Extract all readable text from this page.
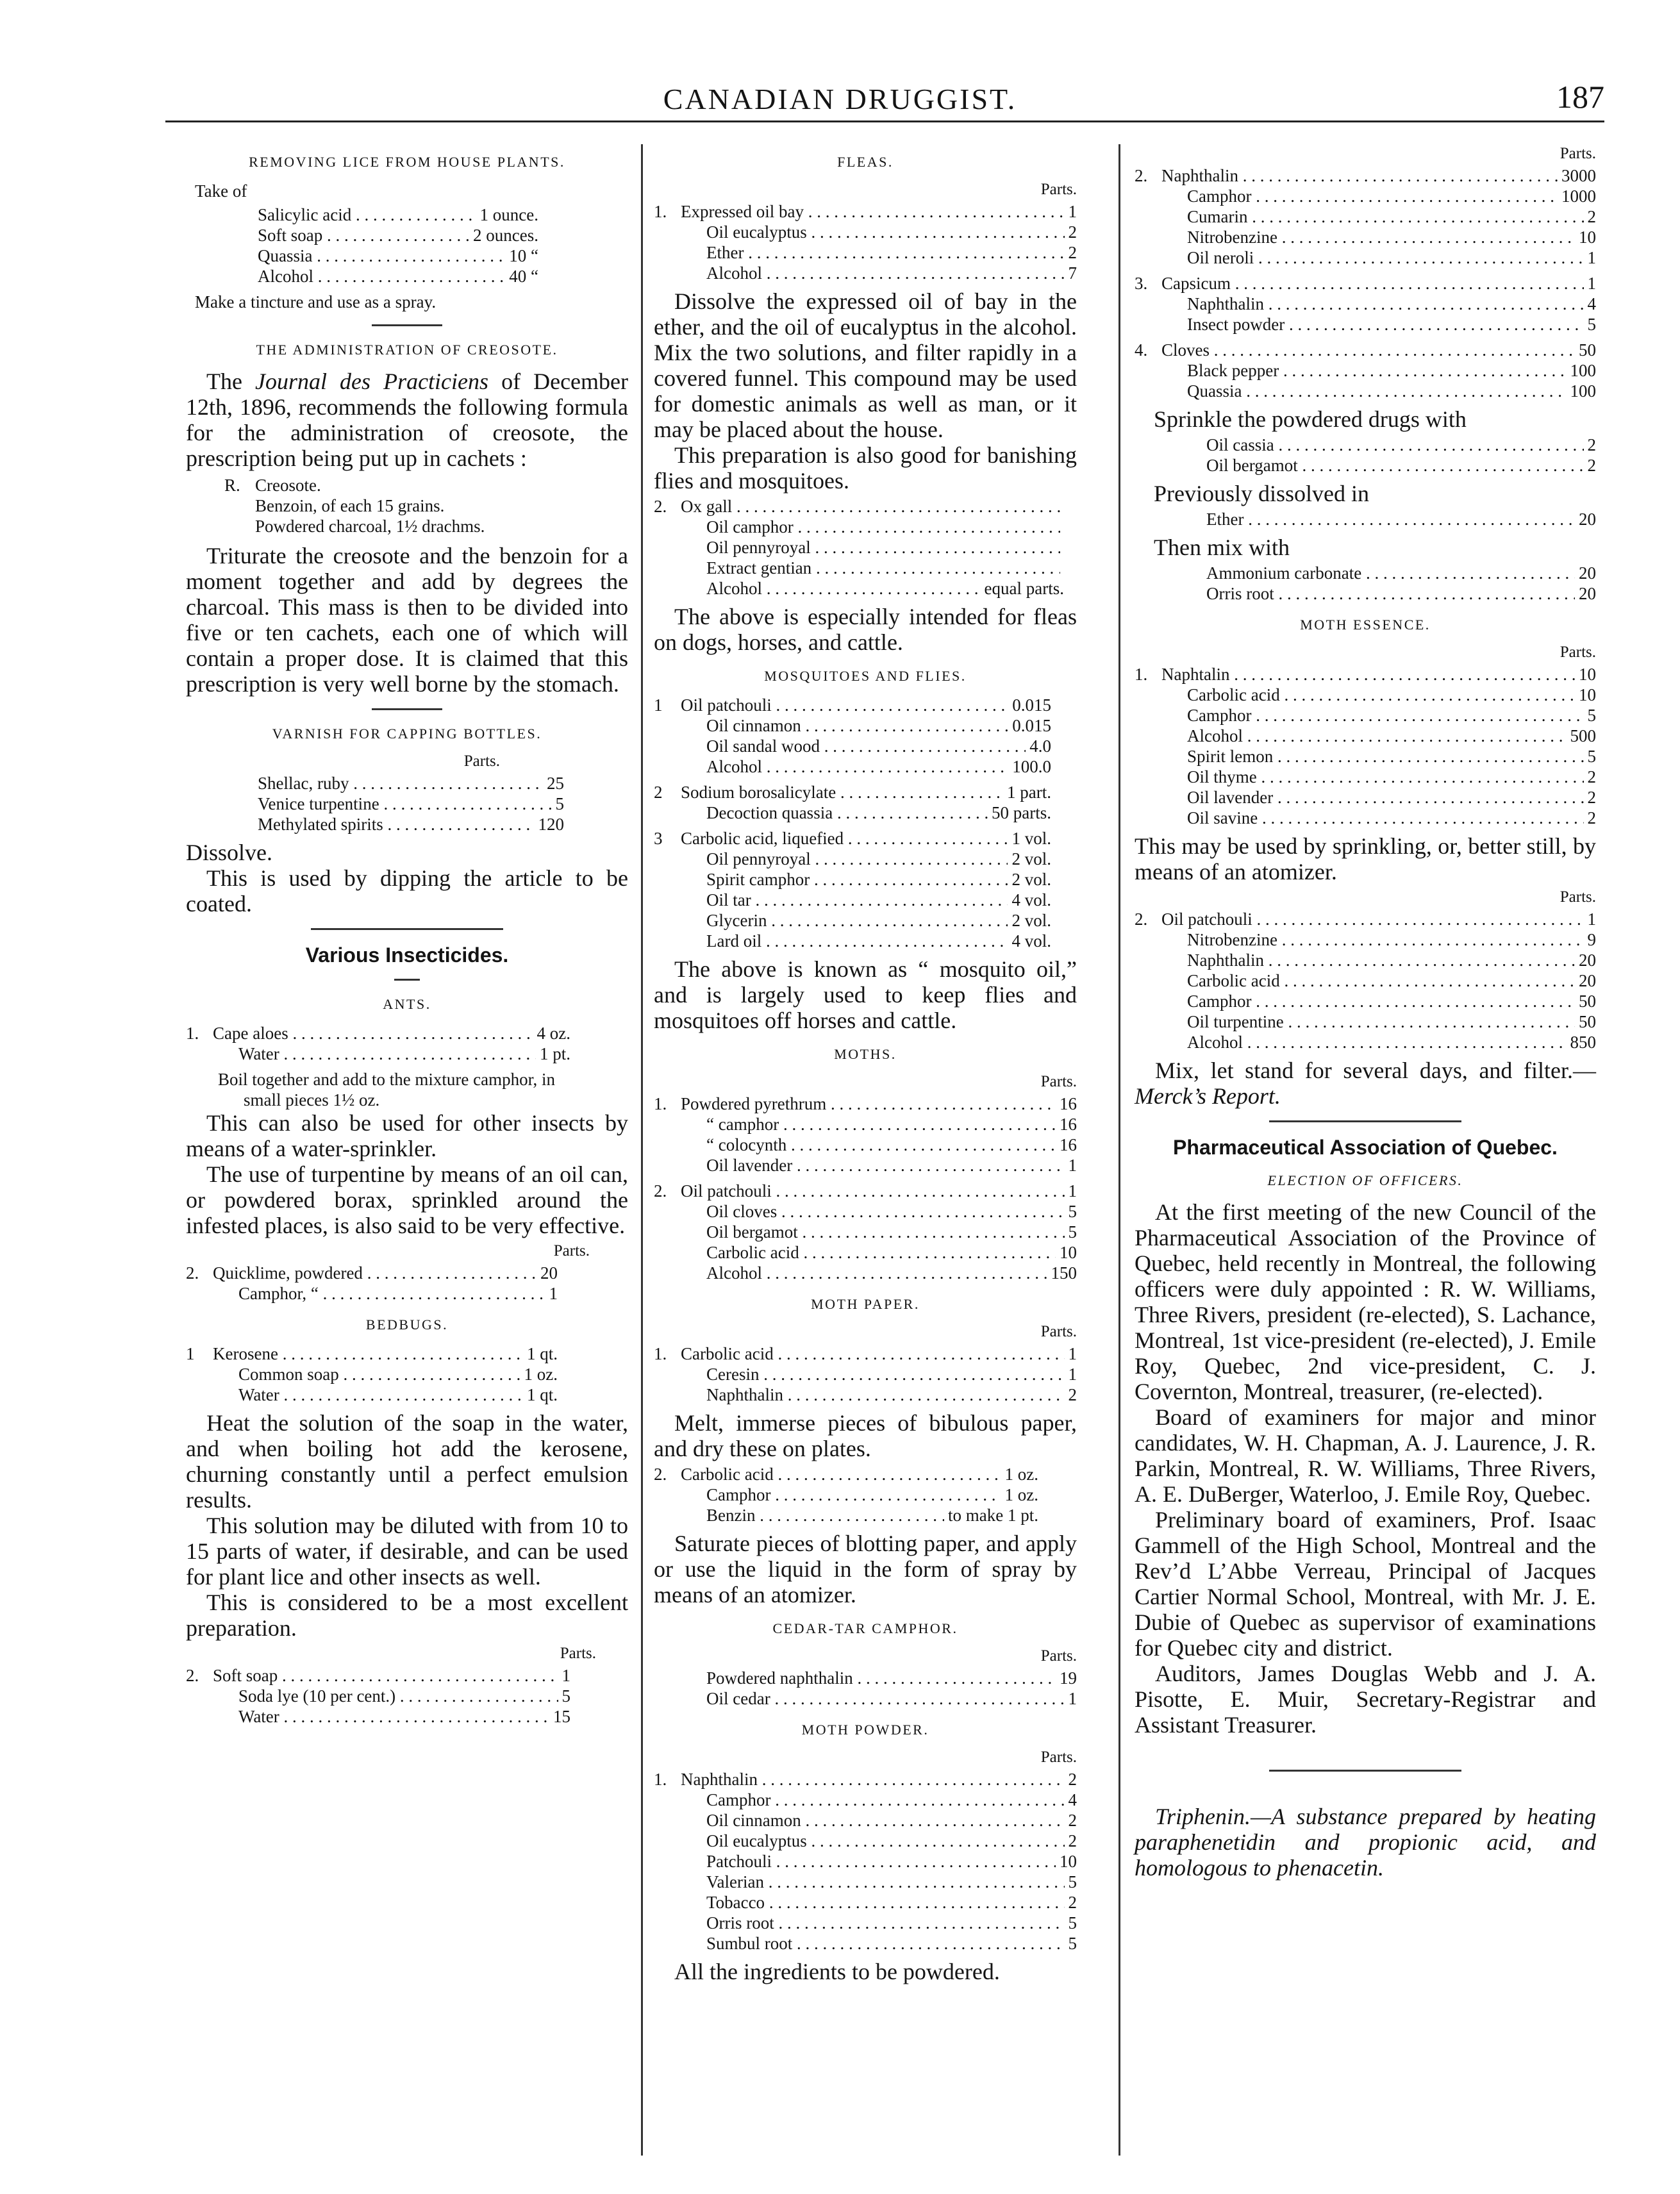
CANADIAN DRUGGIST.	187
REMOVING LICE FROM HOUSE PLANTS.
Take of
Salicylic acid . . .	1 ounce.
Soft soap . . .	2 ounces.
Quassia . . .	10 “
Alcohol . . .	40 “
Make a tincture and use as a spray.
THE ADMINISTRATION OF CREOSOTE.

The Journal des Practiciens of December 12th, 1896, recommends the following formula for the administration of creosote, the prescription being put up in cachets :

R. Creosote.
Benzoin, of each 15 grains.
Powdered charcoal, 1½ drachms.

Triturate the creosote and the benzoin for a moment together and add by degrees the charcoal. This mass is then to be divided into five or ten cachets, each one of which will contain a proper dose. It is claimed that this prescription is very well borne by the stomach.

VARNISH FOR CAPPING BOTTLES.
Parts.
Shellac, ruby . . .	25
Venice turpentine . . .	5
Methylated spirits . . .	120

Dissolve.

This is used by dipping the article to be coated.

Various Insecticides.
ANTS.
1. Cape aloes . . .	4 oz.
Water . . .	1 pt.
Boil together and add to the mixture camphor, in small pieces 1½ oz.

This can also be used for other insects by means of a water-sprinkler.

The use of turpentine by means of an oil can, or powdered borax, sprinkled around the infested places, is also said to be very effective.

Parts.
2. Quicklime, powdered . . .	20
Camphor, “ . . .	1
BEDBUGS.
1	Kerosene . . .	1 qt.
Common soap . . .	1 oz.
Water . . .	1 qt.

Heat the solution of the soap in the water, and when boiling hot add the kerosene, churning constantly until a perfect emulsion results.

This solution may be diluted with from 10 to 15 parts of water, if desirable, and can be used for plant lice and other insects as well.

This is considered to be a most excellent preparation.

Parts.
2. Soft soap . . .	1
Soda lye (10 per cent.) . . .	5
Water . . .	15
FLEAS.
Parts.
1. Expressed oil bay . . .	1
Oil eucalyptus . . .	2
Ether . . .	2
Alcohol . . .	7

Dissolve the expressed oil of bay in the ether, and the oil of eucalyptus in the alcohol. Mix the two solutions, and filter rapidly in a covered funnel. This compound may be used for domestic animals as well as man, or it may be placed about the house.

This preparation is also good for banishing flies and mosquitoes.

2. Ox gall . . .
Oil camphor . . .
Oil pennyroyal . . .
Extract gentian . . .
Alcohol . . .	equal parts.

The above is especially intended for fleas on dogs, horses, and cattle.

MOSQUITOES AND FLIES.
1	Oil patchouli . . .	0.015
Oil cinnamon . . .	0.015
Oil sandal wood . . .	4.0
Alcohol . . .	100.0
2	Sodium borosalicylate . . .	1 part.
Decoction quassia . . .	50 parts.
3	Carbolic acid, liquefied . . .	1 vol.
Oil pennyroyal . . .	2 vol.
Spirit camphor . . .	2 vol.
Oil tar . . .	4 vol.
Glycerin . . .	2 vol.
Lard oil . . .	4 vol.

The above is known as “ mosquito oil,” and is largely used to keep flies and mosquitoes off horses and cattle.

MOTHS.
Parts.
1. Powdered pyrethrum . . .	16
“ camphor . . .	16
“ colocynth . . .	16
Oil lavender . . .	1
2. Oil patchouli . . .	1
Oil cloves . . .	5
Oil bergamot . . .	5
Carbolic acid . . .	10
Alcohol . . .	150
MOTH PAPER.
Parts.
1. Carbolic acid . . .	1
Ceresin . . .	1
Naphthalin . . .	2

Melt, immerse pieces of bibulous paper, and dry these on plates.

2. Carbolic acid . . .	1 oz.
Camphor . . .	1 oz.
Benzin . . .	to make 1 pt.

Saturate pieces of blotting paper, and apply or use the liquid in the form of spray by means of an atomizer.

CEDAR-TAR CAMPHOR.
Parts.
Powdered naphthalin . . .	19
Oil cedar . . .	1
MOTH POWDER.
Parts.
1. Naphthalin . . .	2
Camphor . . .	4
Oil cinnamon . . .	2
Oil eucalyptus . . .	2
Patchouli . . .	10
Valerian . . .	5
Tobacco . . .	2
Orris root . . .	5
Sumbul root . . .	5

All the ingredients to be powdered.

Parts.
2. Naphthalin . . .	3000
Camphor . . .	1000
Cumarin . . .	2
Nitrobenzine . . .	10
Oil neroli . . .	1
3. Capsicum . . .	1
Naphthalin . . .	4
Insect powder . . .	5
4. Cloves . . .	50
Black pepper . . .	100
Quassia . . .	100

Sprinkle the powdered drugs with

Oil cassia . . .	2
Oil bergamot . . .	2

Previously dissolved in

Ether . . .	20

Then mix with

Ammonium carbonate . . .	20
Orris root . . .	20
MOTH ESSENCE.
Parts.
1. Naphtalin . . .	10
Carbolic acid . . .	10
Camphor . . .	5
Alcohol . . .	500
Spirit lemon . . .	5
Oil thyme . . .	2
Oil lavender . . .	2
Oil savine . . .	2

This may be used by sprinkling, or, better still, by means of an atomizer.

Parts.
2. Oil patchouli . . .	1
Nitrobenzine . . .	9
Naphthalin . . .	20
Carbolic acid . . .	20
Camphor . . .	50
Oil turpentine . . .	50
Alcohol . . .	850

Mix, let stand for several days, and filter.—Merck’s Report.

Pharmaceutical Association of Quebec.
ELECTION OF OFFICERS.

At the first meeting of the new Council of the Pharmaceutical Association of the Province of Quebec, held recently in Montreal, the following officers were duly appointed : R. W. Williams, Three Rivers, president (re-elected), S. Lachance, Montreal, 1st vice-president (re-elected), J. Emile Roy, Quebec, 2nd vice-president, C. J. Covernton, Montreal, treasurer, (re-elected).

Board of examiners for major and minor candidates, W. H. Chapman, A. J. Laurence, J. R. Parkin, Montreal, R. W. Williams, Three Rivers, A. E. DuBerger, Waterloo, J. Emile Roy, Quebec.

Preliminary board of examiners, Prof. Isaac Gammell of the High School, Montreal and the Rev’d L’Abbe Verreau, Principal of Jacques Cartier Normal School, Montreal, with Mr. J. E. Dubie of Quebec as supervisor of examinations for Quebec city and district.

Auditors, James Douglas Webb and J. A. Pisotte, E. Muir, Secretary-Registrar and Assistant Treasurer.

Triphenin.—A substance prepared by heating paraphenetidin and propionic acid, and homologous to phenacetin.
